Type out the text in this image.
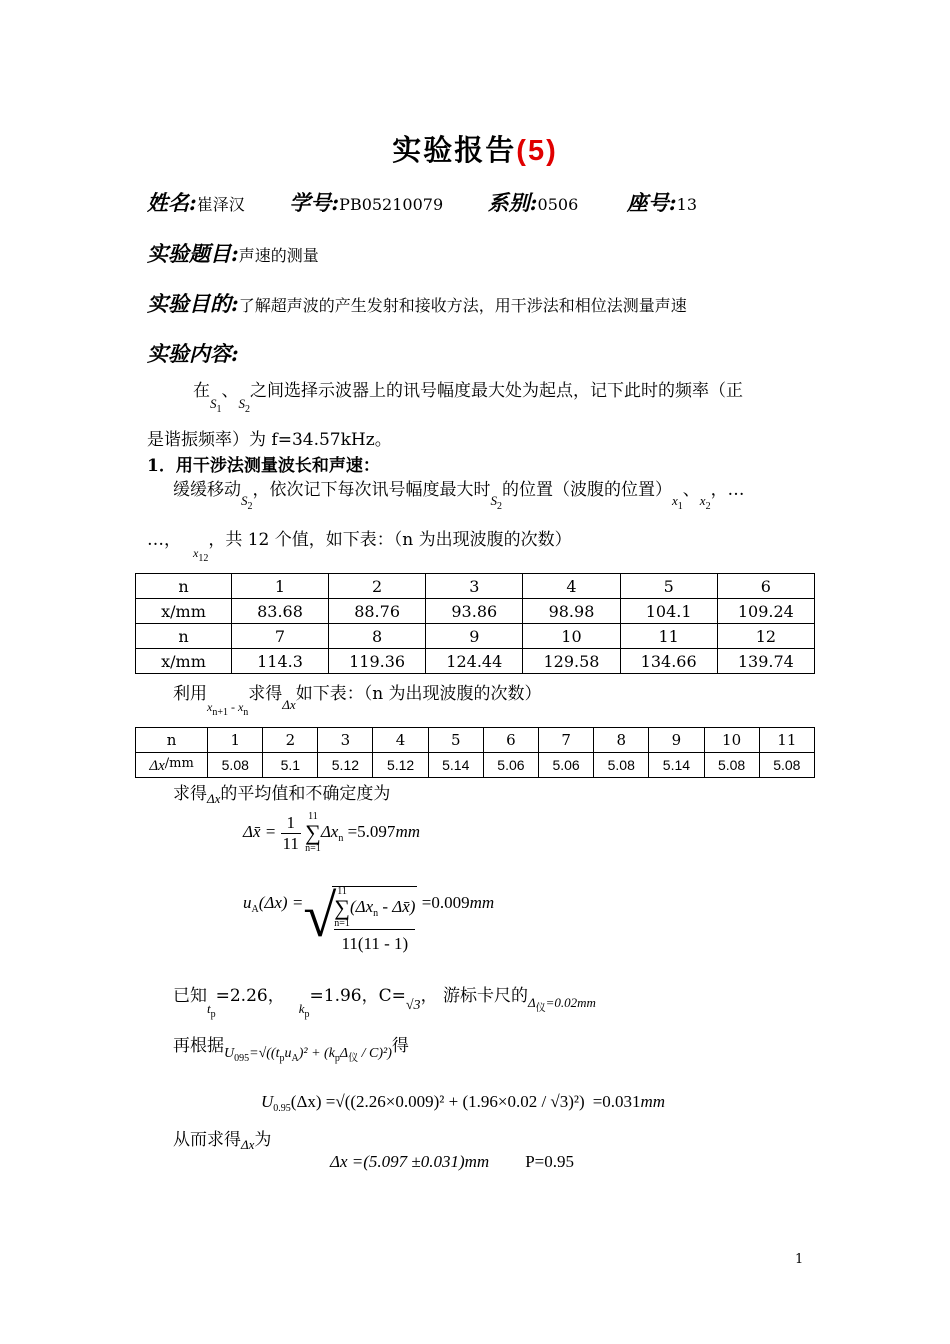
实验报告(5)
姓名:崔泽汉 学号:PB05210079 系别:0506 座号:13
实验题目:声速的测量
实验目的:了解超声波的产生发射和接收方法，用干涉法和相位法测量声速
实验内容:
在$_{S_1}$、$_{S_2}$之间选择示波器上的讯号幅度最大处为起点，记下此时的频率（正
是谐振频率）为 f=34.57kHz。
1．用干涉法测量波长和声速：
缓缓移动$_{S_2}$，依次记下每次讯号幅度最大时$_{S_2}$的位置（波腹的位置）$_{x_1}$、$_{x_2}$，…
…，$_{x_{12}}$，共 12 个值，如下表：（n 为出现波腹的次数）
n	1	2	3	4	5	6
x/mm	83.68	88.76	93.86	98.98	104.1	109.24
n	7	8	9	10	11	12
x/mm	114.3	119.36	124.44	129.58	134.66	139.74
利用$_{x_{n+1} - x_n}$求得$_{\Delta x}$如下表：（n 为出现波腹的次数）
n	1	2	3	4	5	6	7	8	9	10	11
Δx/mm	5.08	5.1	5.12	5.12	5.14	5.06	5.06	5.08	5.14	5.08	5.08
求得$_{\Delta x}$的平均值和不确定度为
Δx̄ = $\frac{1}{11}$
11
∑
n=1
$\Delta x_n =5.097mm$
$u_A(\Delta x)$ =√ 11
∑
n=1
($\Delta x_n$ - Δx̄)
11(11 - 1)
=0.009mm
已知$_{t_p}$=2.26，$_{k_p}$=1.96，$C=_{√3}$， 游标卡尺的$_{\Delta_仪=0.02mm}$
再根据$_{U_{095}=√((t_pu_A)^2 + (k_p\Delta_仪 / C)^2)}$得
$U_{0.95}(\Delta x) =√((2.26\times 0.009)^2 + (1.96\times 0.02 / √3)^2) =0.031mm$
从而求得$_{\Delta x}$为
Δx =(5.097 ±0.031)mm P=0.95
1
